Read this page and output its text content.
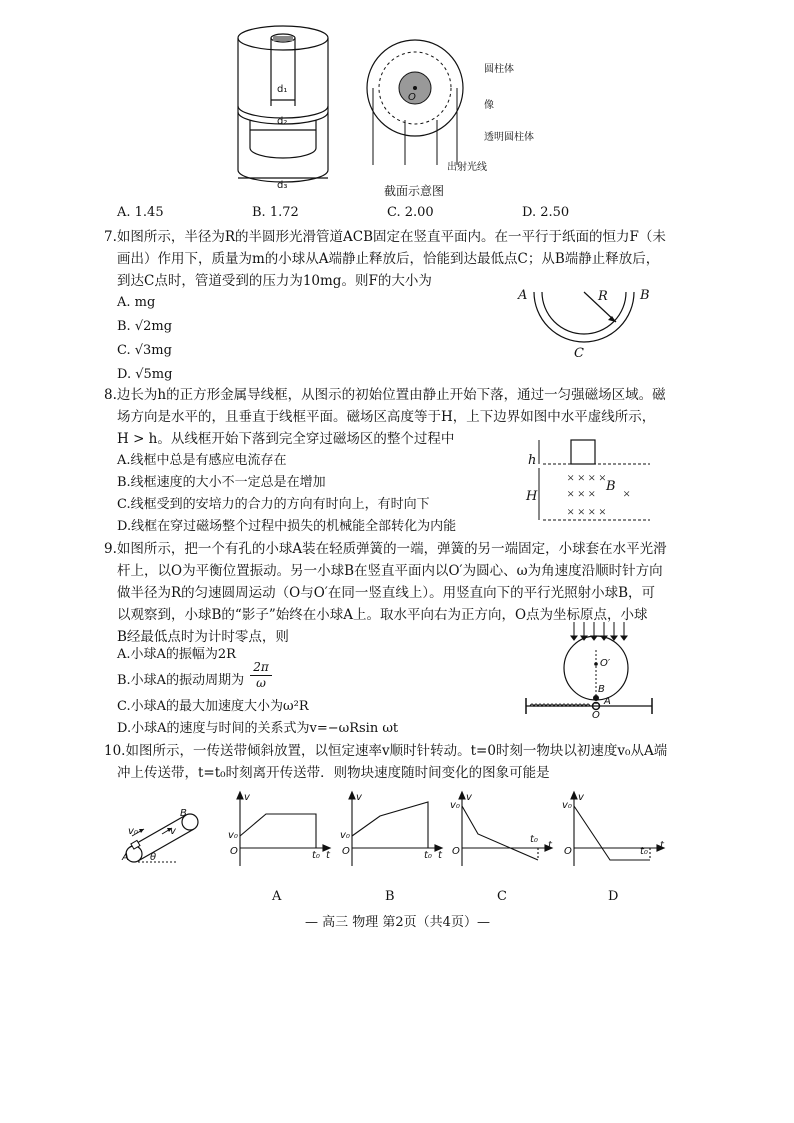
d₁
d₂
d₃
O
圆柱体
像
透明圆柱体
出射光线
截面示意图
A. 1.45	B. 1.72	C. 2.00	D. 2.50
7.如图所示，半径为R的半圆形光滑管道ACB固定在竖直平面内。在一平行于纸面的恒力F（未
画出）作用下，质量为m的小球从A端静止释放后，恰能到达最低点C；从B端静止释放后，
到达C点时，管道受到的压力为10mg。则F的大小为
A. mg
B. √2mg
C. √3mg
D. √5mg
A	B
R
C
8.边长为h的正方形金属导线框，从图示的初始位置由静止开始下落，通过一匀强磁场区域。磁
场方向是水平的，且垂直于线框平面。磁场区高度等于H，上下边界如图中水平虚线所示，
H > h。从线框开始下落到完全穿过磁场区的整个过程中
A.线框中总是有感应电流存在
B.线框速度的大小不一定总是在增加
C.线框受到的安培力的合力的方向有时向上，有时向下
D.线框在穿过磁场整个过程中损失的机械能全部转化为内能
× × × ×
× × × ×
× × × ×
h
H
B
9.如图所示，把一个有孔的小球A装在轻质弹簧的一端，弹簧的另一端固定，小球套在水平光滑
杆上，以O为平衡位置振动。另一小球B在竖直平面内以O′为圆心、ω为角速度沿顺时针方向
做半径为R的匀速圆周运动（O与O′在同一竖直线上）。用竖直向下的平行光照射小球B，可
以观察到，小球B的“影子”始终在小球A上。取水平向右为正方向，O点为坐标原点，小球
B经最低点时为计时零点，则
A.小球A的振幅为2R
B.小球A的振动周期为 $\frac{2\pi}{\omega}$
C.小球A的最大加速度大小为ω²R
D.小球A的速度与时间的关系式为v=−ωRsin ωt
O′
B
A
O
10.如图所示，一传送带倾斜放置，以恒定速率v顺时针转动。t=0时刻一物块以初速度v₀从A端
冲上传送带，t=t₀时刻离开传送带．则物块速度随时间变化的图象可能是
v₀
A
B
v
θ
v
v₀
O	t₀ t
v
v₀
O	t₀ t
v
v₀
O
t₀
t
v
v₀
O	t₀
t
A	B	C	D
— 高三 物理 第2页（共4页）—
